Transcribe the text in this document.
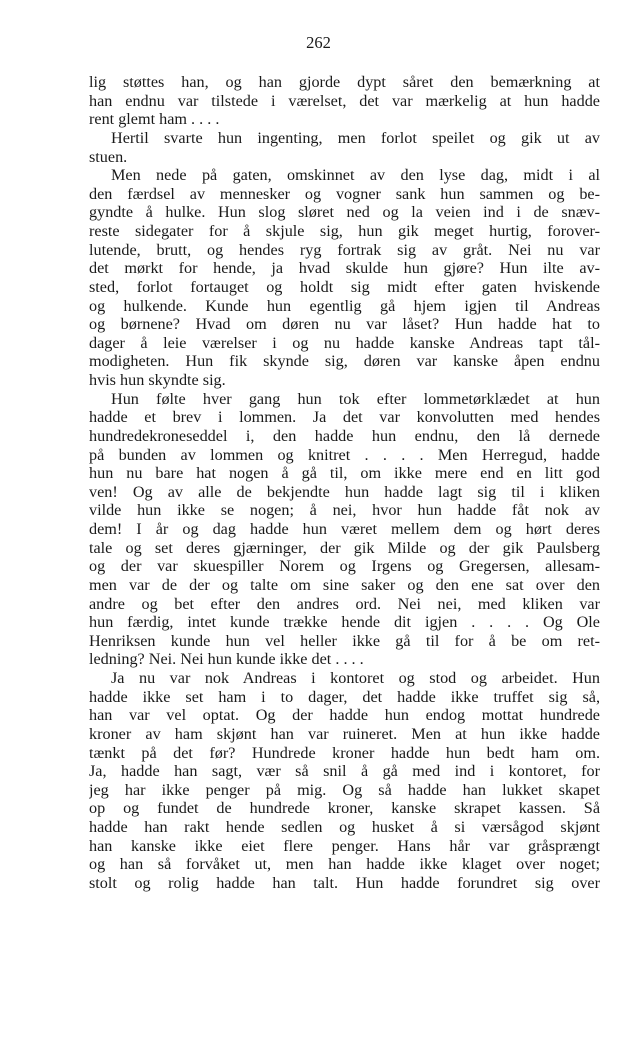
262
lig støttes han, og han gjorde dypt såret den bemærkning at
han endnu var tilstede i værelset, det var mærkelig at hun hadde
rent glemt ham . . . .
Hertil svarte hun ingenting, men forlot speilet og gik ut av
stuen.
Men nede på gaten, omskinnet av den lyse dag, midt i al
den færdsel av mennesker og vogner sank hun sammen og be-
gyndte å hulke. Hun slog sløret ned og la veien ind i de snæv-
reste sidegater for å skjule sig, hun gik meget hurtig, forover-
lutende, brutt, og hendes ryg fortrak sig av gråt. Nei nu var
det mørkt for hende, ja hvad skulde hun gjøre? Hun ilte av-
sted, forlot fortauget og holdt sig midt efter gaten hviskende
og hulkende. Kunde hun egentlig gå hjem igjen til Andreas
og børnene? Hvad om døren nu var låset? Hun hadde hat to
dager å leie værelser i og nu hadde kanske Andreas tapt tål-
modigheten. Hun fik skynde sig, døren var kanske åpen endnu
hvis hun skyndte sig.
Hun følte hver gang hun tok efter lommetørklædet at hun
hadde et brev i lommen. Ja det var konvolutten med hendes
hundredekroneseddel i, den hadde hun endnu, den lå dernede
på bunden av lommen og knitret . . . . Men Herregud, hadde
hun nu bare hat nogen å gå til, om ikke mere end en litt god
ven! Og av alle de bekjendte hun hadde lagt sig til i kliken
vilde hun ikke se nogen; å nei, hvor hun hadde fåt nok av
dem! I år og dag hadde hun været mellem dem og hørt deres
tale og set deres gjærninger, der gik Milde og der gik Paulsberg
og der var skuespiller Norem og Irgens og Gregersen, allesam-
men var de der og talte om sine saker og den ene sat over den
andre og bet efter den andres ord. Nei nei, med kliken var
hun færdig, intet kunde trække hende dit igjen . . . . Og Ole
Henriksen kunde hun vel heller ikke gå til for å be om ret-
ledning? Nei. Nei hun kunde ikke det . . . .
Ja nu var nok Andreas i kontoret og stod og arbeidet. Hun
hadde ikke set ham i to dager, det hadde ikke truffet sig så,
han var vel optat. Og der hadde hun endog mottat hundrede
kroner av ham skjønt han var ruineret. Men at hun ikke hadde
tænkt på det før? Hundrede kroner hadde hun bedt ham om.
Ja, hadde han sagt, vær så snil å gå med ind i kontoret, for
jeg har ikke penger på mig. Og så hadde han lukket skapet
op og fundet de hundrede kroner, kanske skrapet kassen. Så
hadde han rakt hende sedlen og husket å si værsågod skjønt
han kanske ikke eiet flere penger. Hans hår var gråsprængt
og han så forvåket ut, men han hadde ikke klaget over noget;
stolt og rolig hadde han talt. Hun hadde forundret sig over
